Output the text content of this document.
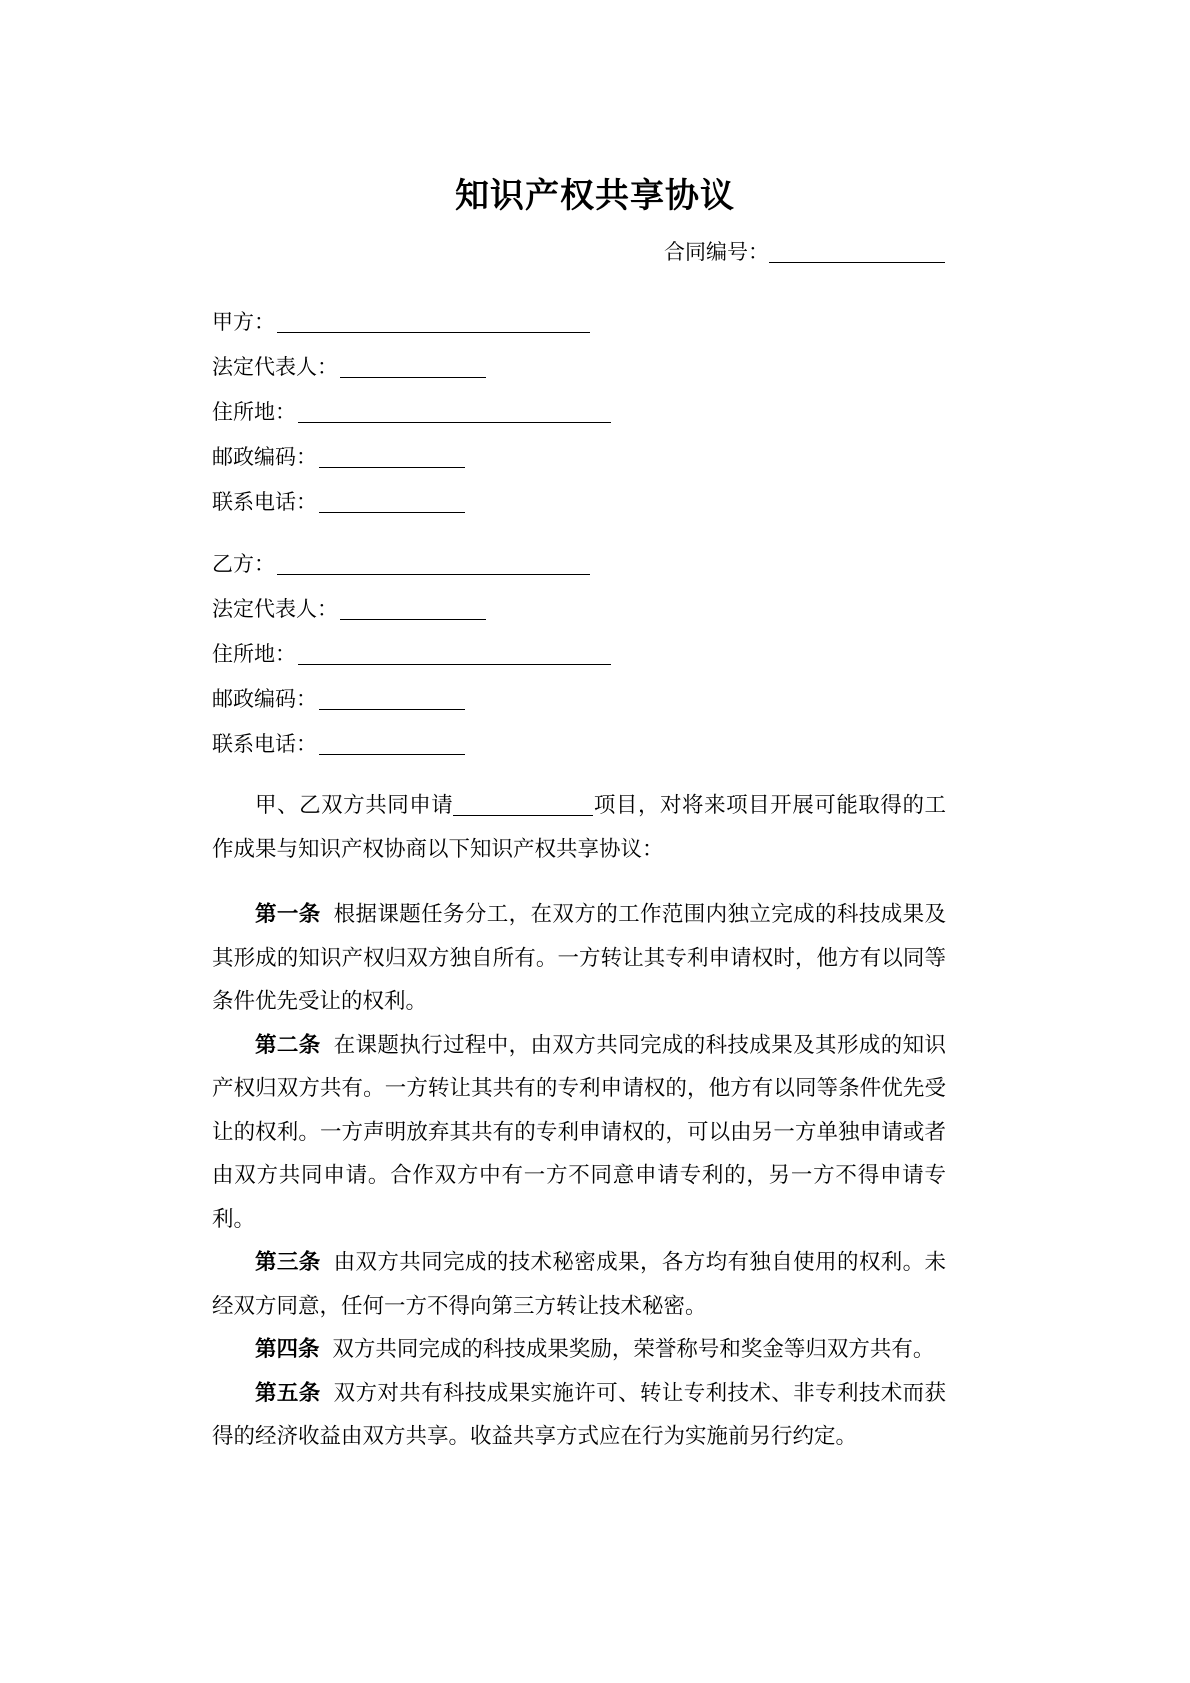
知识产权共享协议
合同编号：
甲方：
法定代表人：
住所地：
邮政编码：
联系电话：
乙方：
法定代表人：
住所地：
邮政编码：
联系电话：

甲、乙双方共同申请	项目，对将来项目开展可能取得的工作成果与知识产权协商以下知识产权共享协议：

第一条 根据课题任务分工，在双方的工作范围内独立完成的科技成果及其形成的知识产权归双方独自所有。一方转让其专利申请权时，他方有以同等条件优先受让的权利。

第二条 在课题执行过程中，由双方共同完成的科技成果及其形成的知识产权归双方共有。一方转让其共有的专利申请权的，他方有以同等条件优先受让的权利。一方声明放弃其共有的专利申请权的，可以由另一方单独申请或者由双方共同申请。合作双方中有一方不同意申请专利的，另一方不得申请专利。

第三条 由双方共同完成的技术秘密成果，各方均有独自使用的权利。未经双方同意，任何一方不得向第三方转让技术秘密。

第四条 双方共同完成的科技成果奖励，荣誉称号和奖金等归双方共有。

第五条 双方对共有科技成果实施许可、转让专利技术、非专利技术而获得的经济收益由双方共享。收益共享方式应在行为实施前另行约定。
